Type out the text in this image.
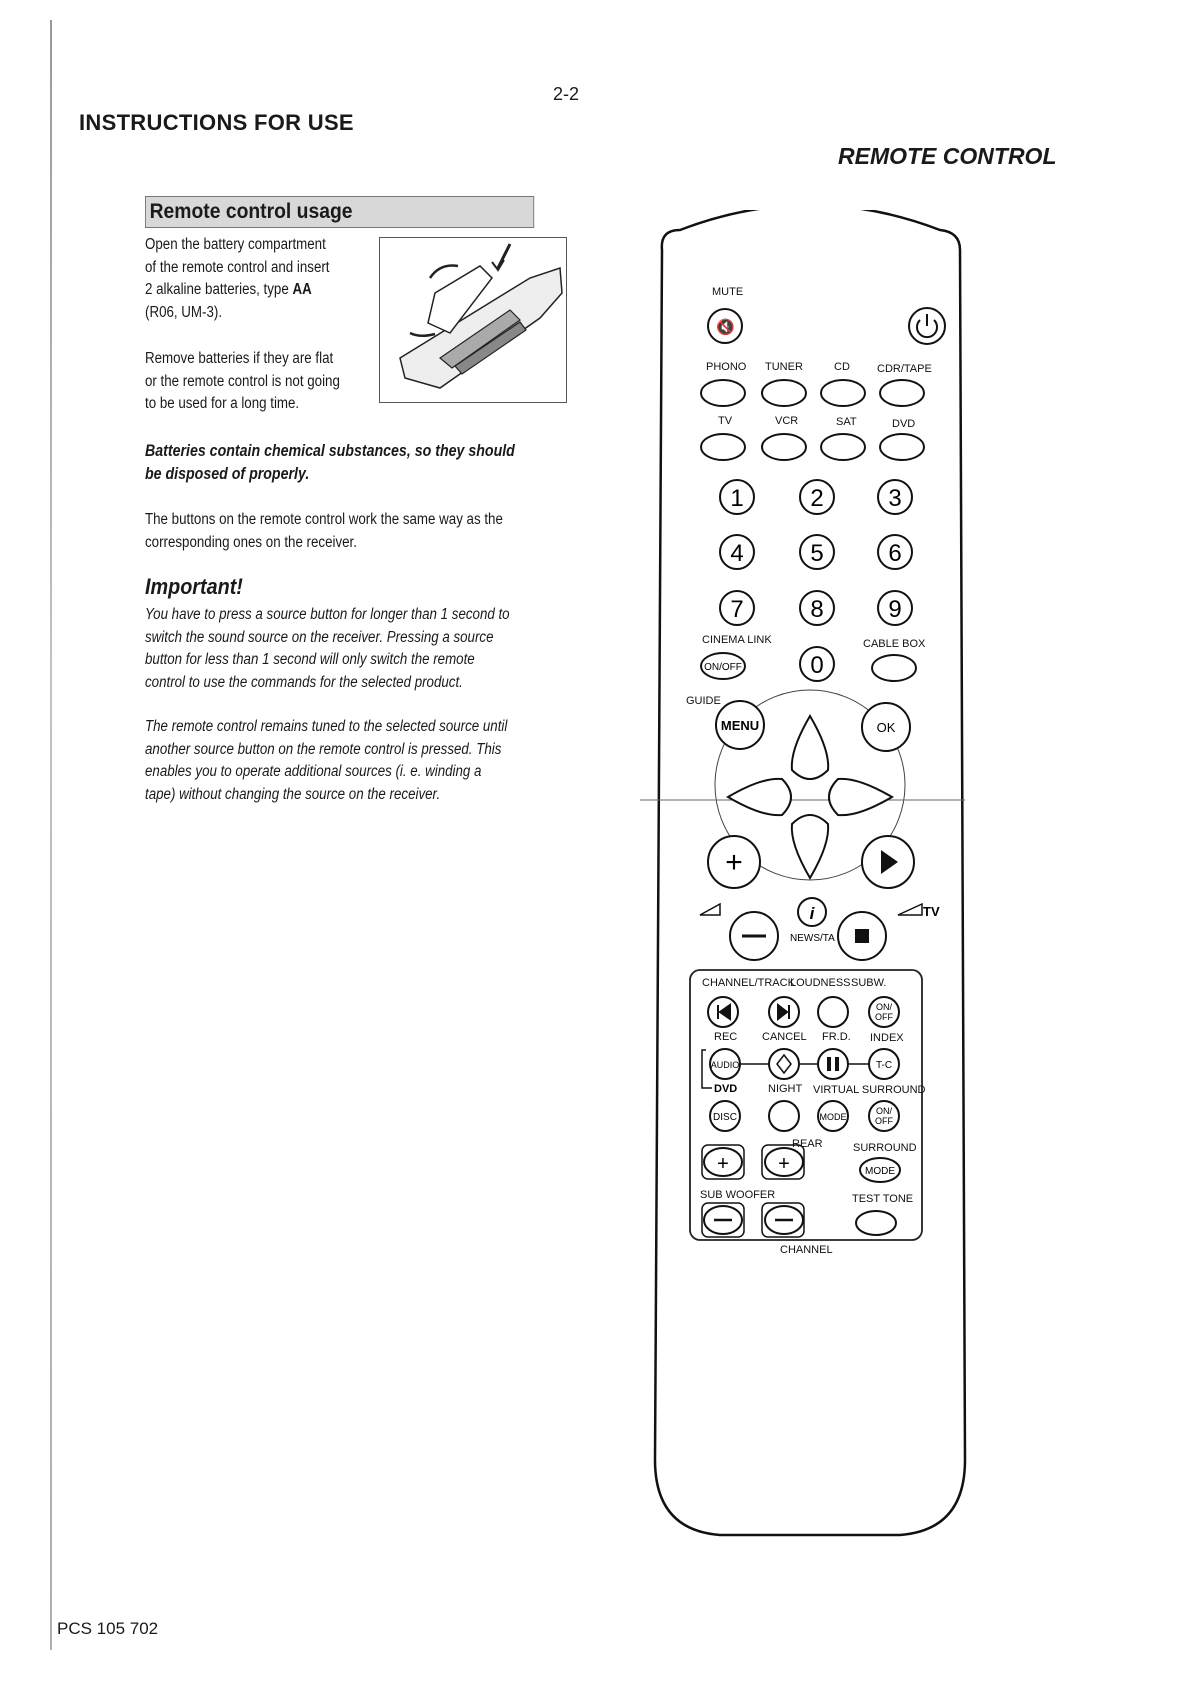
2-2
INSTRUCTIONS FOR USE
REMOTE CONTROL
Remote control usage
Open the battery compartment
of the remote control and insert
2 alkaline batteries, type AA
(R06, UM-3).
Remove batteries if they are flat
or the remote control is not going
to be used for a long time.
Batteries contain chemical substances, so they should
be disposed of properly.
The buttons on the remote control work the same way as the
corresponding ones on the receiver.
Important!
You have to press a source button for longer than 1 second to
switch the sound source on the receiver. Pressing a source
button for less than 1 second will only switch the remote
control to use the commands for the selected product.
The remote control remains tuned to the selected source until
another source button on the remote control is pressed. This
enables you to operate additional sources (i. e. winding a
tape) without changing the source on the receiver.
PCS 105 702
MUTE
🔇
PHONO TUNER	CD CDR/TAPE
TV	VCR	SAT	DVD
1	2	3
4	5	6
7	8	9
0
CINEMA LINK
ON/OFF
CABLE BOX
GUIDE
MENU	OK
+
i	TV
NEWS/TA
CHANNEL/TRACK
LOUDNESS SUBW.
ON/
OFF
REC CANCEL FR.D. INDEX
AUDIO	T-C
DVD	NIGHT VIRTUAL SURROUND
DISC	MODE
ON/
OFF
REAR	SURROUND
MODE
+ +
SUB WOOFER	TEST TONE
CHANNEL
